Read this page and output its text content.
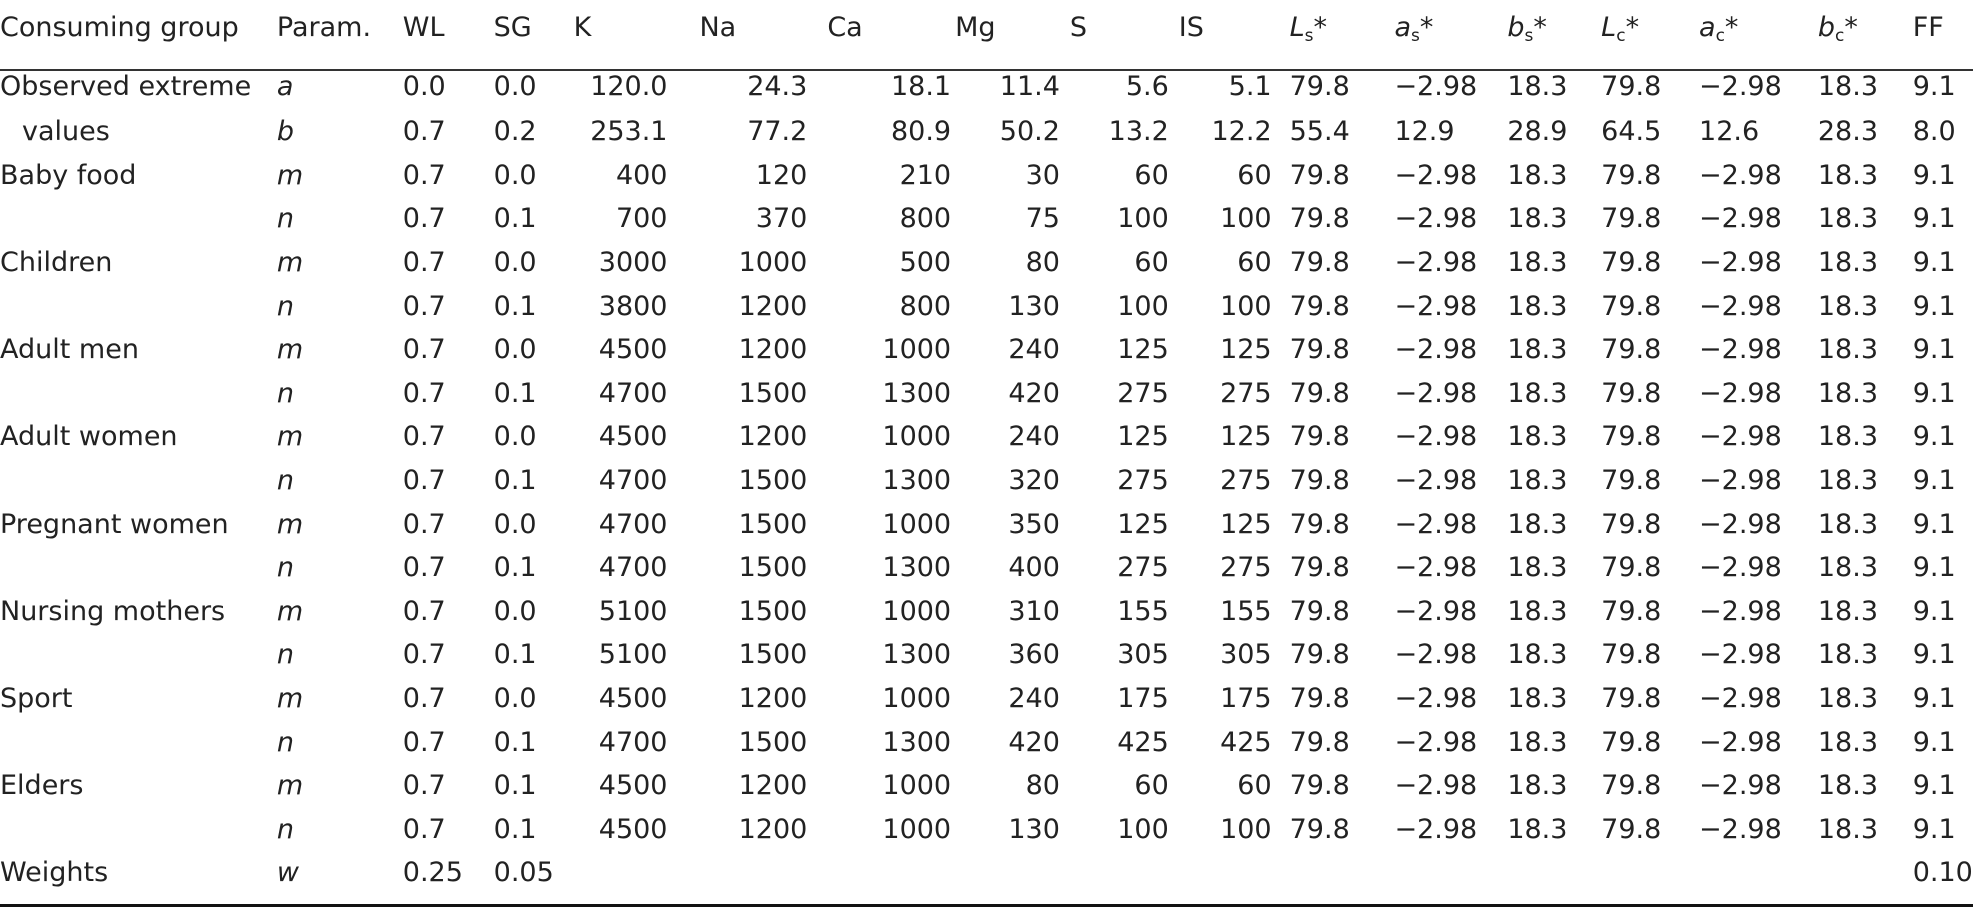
Consuming group	Param.	WL	SG	K	Na	Ca	Mg	S	IS	Ls*	as*	bs*	Lc*	ac*	bc*	FF
Observed extreme	a	0.0	0.0	120.0	24.3	18.1	11.4	5.6	5.1	79.8	−2.98	18.3	79.8	−2.98	18.3	9.1
values	b	0.7	0.2	253.1	77.2	80.9	50.2	13.2	12.2	55.4	12.9	28.9	64.5	12.6	28.3	8.0
Baby food	m	0.7	0.0	400	120	210	30	60	60	79.8	−2.98	18.3	79.8	−2.98	18.3	9.1
	n	0.7	0.1	700	370	800	75	100	100	79.8	−2.98	18.3	79.8	−2.98	18.3	9.1
Children	m	0.7	0.0	3000	1000	500	80	60	60	79.8	−2.98	18.3	79.8	−2.98	18.3	9.1
	n	0.7	0.1	3800	1200	800	130	100	100	79.8	−2.98	18.3	79.8	−2.98	18.3	9.1
Adult men	m	0.7	0.0	4500	1200	1000	240	125	125	79.8	−2.98	18.3	79.8	−2.98	18.3	9.1
	n	0.7	0.1	4700	1500	1300	420	275	275	79.8	−2.98	18.3	79.8	−2.98	18.3	9.1
Adult women	m	0.7	0.0	4500	1200	1000	240	125	125	79.8	−2.98	18.3	79.8	−2.98	18.3	9.1
	n	0.7	0.1	4700	1500	1300	320	275	275	79.8	−2.98	18.3	79.8	−2.98	18.3	9.1
Pregnant women	m	0.7	0.0	4700	1500	1000	350	125	125	79.8	−2.98	18.3	79.8	−2.98	18.3	9.1
	n	0.7	0.1	4700	1500	1300	400	275	275	79.8	−2.98	18.3	79.8	−2.98	18.3	9.1
Nursing mothers	m	0.7	0.0	5100	1500	1000	310	155	155	79.8	−2.98	18.3	79.8	−2.98	18.3	9.1
	n	0.7	0.1	5100	1500	1300	360	305	305	79.8	−2.98	18.3	79.8	−2.98	18.3	9.1
Sport	m	0.7	0.0	4500	1200	1000	240	175	175	79.8	−2.98	18.3	79.8	−2.98	18.3	9.1
	n	0.7	0.1	4700	1500	1300	420	425	425	79.8	−2.98	18.3	79.8	−2.98	18.3	9.1
Elders	m	0.7	0.1	4500	1200	1000	80	60	60	79.8	−2.98	18.3	79.8	−2.98	18.3	9.1
	n	0.7	0.1	4500	1200	1000	130	100	100	79.8	−2.98	18.3	79.8	−2.98	18.3	9.1
Weights	w	0.25	0.05													0.10
